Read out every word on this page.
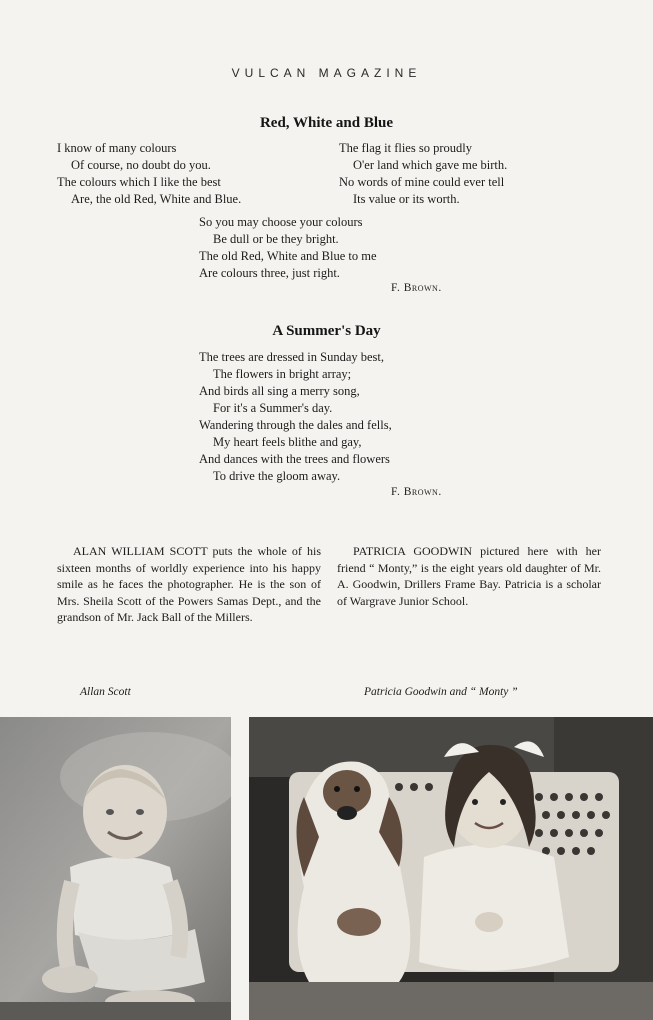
VULCAN MAGAZINE
Red, White and Blue
I know of many colours
Of course, no doubt do you.
The colours which I like the best
Are, the old Red, White and Blue.
The flag it flies so proudly
O'er land which gave me birth.
No words of mine could ever tell
Its value or its worth.
So you may choose your colours
Be dull or be they bright.
The old Red, White and Blue to me
Are colours three, just right.
F. Brown.
A Summer's Day
The trees are dressed in Sunday best,
The flowers in bright array;
And birds all sing a merry song,
For it's a Summer's day.
Wandering through the dales and fells,
My heart feels blithe and gay,
And dances with the trees and flowers
To drive the gloom away.
F. Brown.
ALAN WILLIAM SCOTT puts the whole of his sixteen months of worldly experience into his happy smile as he faces the photographer. He is the son of Mrs. Sheila Scott of the Powers Samas Dept., and the grandson of Mr. Jack Ball of the Millers.
PATRICIA GOODWIN pictured here with her friend “ Monty,” is the eight years old daughter of Mr. A. Goodwin, Drillers Frame Bay. Patricia is a scholar of Wargrave Junior School.
Allan Scott	Patricia Goodwin and “ Monty ”
